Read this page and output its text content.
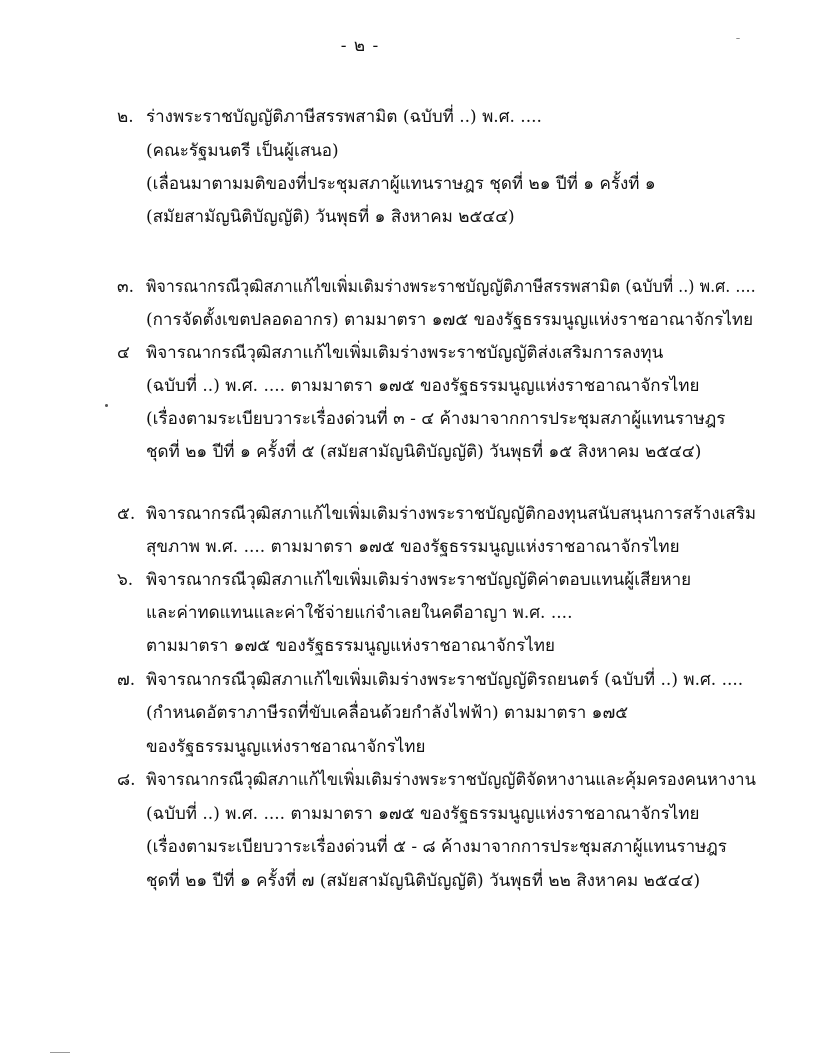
- ๒ -
๒. ร่างพระราชบัญญัติภาษีสรรพสามิต (ฉบับที่ ..) พ.ศ. ....
(คณะรัฐมนตรี เป็นผู้เสนอ)
(เลื่อนมาตามมติของที่ประชุมสภาผู้แทนราษฎร ชุดที่ ๒๑ ปีที่ ๑ ครั้งที่ ๑
(สมัยสามัญนิติบัญญัติ) วันพุธที่ ๑ สิงหาคม ๒๕๔๔)
๓. พิจารณากรณีวุฒิสภาแก้ไขเพิ่มเติมร่างพระราชบัญญัติภาษีสรรพสามิต (ฉบับที่ ..) พ.ศ. ....
(การจัดตั้งเขตปลอดอากร) ตามมาตรา ๑๗๕ ของรัฐธรรมนูญแห่งราชอาณาจักรไทย
๔ พิจารณากรณีวุฒิสภาแก้ไขเพิ่มเติมร่างพระราชบัญญัติส่งเสริมการลงทุน
(ฉบับที่ ..) พ.ศ. .... ตามมาตรา ๑๗๕ ของรัฐธรรมนูญแห่งราชอาณาจักรไทย
(เรื่องตามระเบียบวาระเรื่องด่วนที่ ๓ - ๔ ค้างมาจากการประชุมสภาผู้แทนราษฎร
ชุดที่ ๒๑ ปีที่ ๑ ครั้งที่ ๕ (สมัยสามัญนิติบัญญัติ) วันพุธที่ ๑๕ สิงหาคม ๒๕๔๔)
๕. พิจารณากรณีวุฒิสภาแก้ไขเพิ่มเติมร่างพระราชบัญญัติกองทุนสนับสนุนการสร้างเสริม
สุขภาพ พ.ศ. .... ตามมาตรา ๑๗๕ ของรัฐธรรมนูญแห่งราชอาณาจักรไทย
๖. พิจารณากรณีวุฒิสภาแก้ไขเพิ่มเติมร่างพระราชบัญญัติค่าตอบแทนผู้เสียหาย
และค่าทดแทนและค่าใช้จ่ายแก่จำเลยในคดีอาญา พ.ศ. ....
ตามมาตรา ๑๗๕ ของรัฐธรรมนูญแห่งราชอาณาจักรไทย
๗. พิจารณากรณีวุฒิสภาแก้ไขเพิ่มเติมร่างพระราชบัญญัติรถยนตร์ (ฉบับที่ ..) พ.ศ. ....
(กำหนดอัตราภาษีรถที่ขับเคลื่อนด้วยกำลังไฟฟ้า) ตามมาตรา ๑๗๕
ของรัฐธรรมนูญแห่งราชอาณาจักรไทย
๘. พิจารณากรณีวุฒิสภาแก้ไขเพิ่มเติมร่างพระราชบัญญัติจัดหางานและคุ้มครองคนหางาน
(ฉบับที่ ..) พ.ศ. .... ตามมาตรา ๑๗๕ ของรัฐธรรมนูญแห่งราชอาณาจักรไทย
(เรื่องตามระเบียบวาระเรื่องด่วนที่ ๕ - ๘ ค้างมาจากการประชุมสภาผู้แทนราษฎร
ชุดที่ ๒๑ ปีที่ ๑ ครั้งที่ ๗ (สมัยสามัญนิติบัญญัติ) วันพุธที่ ๒๒ สิงหาคม ๒๕๔๔)
